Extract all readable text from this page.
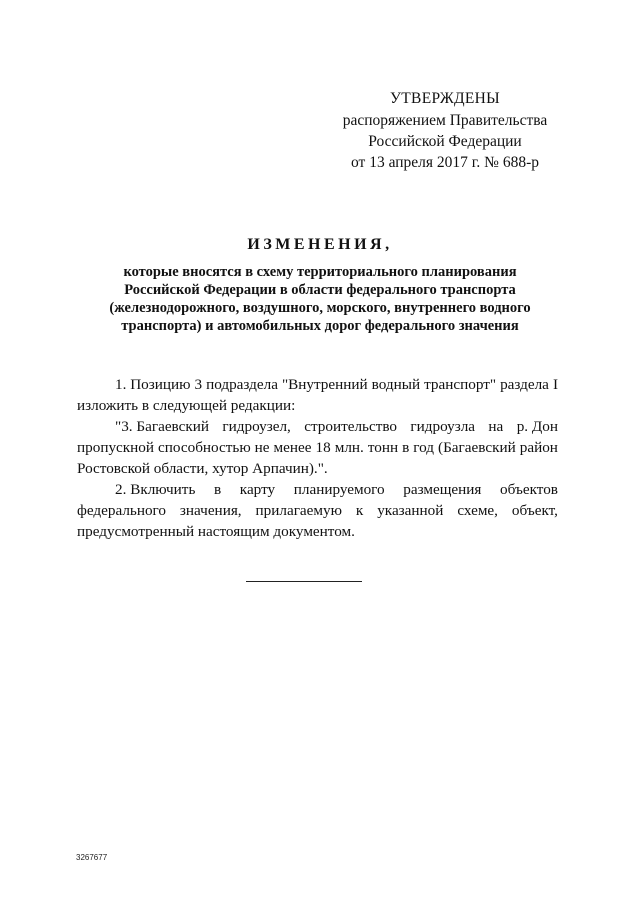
УТВЕРЖДЕНЫ
распоряжением Правительства
Российской Федерации
от 13 апреля 2017 г. № 688-р
ИЗМЕНЕНИЯ,
которые вносятся в схему территориального планирования
Российской Федерации в области федерального транспорта
(железнодорожного, воздушного, морского, внутреннего водного
транспорта) и автомобильных дорог федерального значения
1. Позицию 3 подраздела "Внутренний водный транспорт" раздела I
изложить в следующей редакции:
"3. Багаевский гидроузел, строительство гидроузла на р. Дон
пропускной способностью не менее 18 млн. тонн в год (Багаевский район
Ростовской области, хутор Арпачин).".
2. Включить в карту планируемого размещения объектов
федерального значения, прилагаемую к указанной схеме, объект,
предусмотренный настоящим документом.
3267677
